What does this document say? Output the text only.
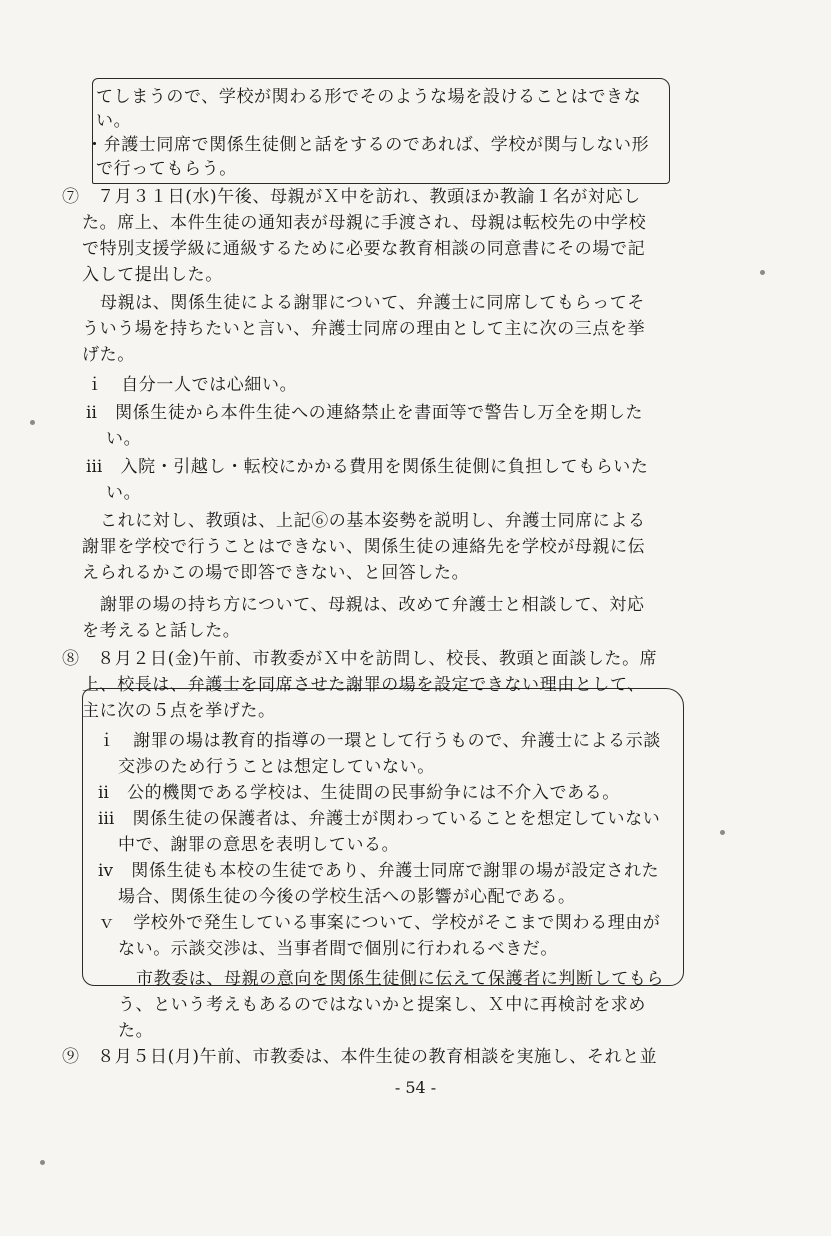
てしまうので、学校が関わる形でそのような場を設けることはできな
い。
・弁護士同席で関係生徒側と話をするのであれば、学校が関与しない形
で行ってもらう。
⑦　７月３１日(水)午後、母親がＸ中を訪れ、教頭ほか教諭１名が対応し
た。席上、本件生徒の通知表が母親に手渡され、母親は転校先の中学校
で特別支援学級に通級するために必要な教育相談の同意書にその場で記
入して提出した。
母親は、関係生徒による謝罪について、弁護士に同席してもらってそ
ういう場を持ちたいと言い、弁護士同席の理由として主に次の三点を挙
げた。
ｉ　自分一人では心細い。
ⅱ　関係生徒から本件生徒への連絡禁止を書面等で警告し万全を期した
い。
ⅲ　入院・引越し・転校にかかる費用を関係生徒側に負担してもらいた
い。
これに対し、教頭は、上記⑥の基本姿勢を説明し、弁護士同席による
謝罪を学校で行うことはできない、関係生徒の連絡先を学校が母親に伝
えられるかこの場で即答できない、と回答した。
謝罪の場の持ち方について、母親は、改めて弁護士と相談して、対応
を考えると話した。
⑧　８月２日(金)午前、市教委がＸ中を訪問し、校長、教頭と面談した。席
上、校長は、弁護士を同席させた謝罪の場を設定できない理由として、
主に次の５点を挙げた。
ｉ　謝罪の場は教育的指導の一環として行うもので、弁護士による示談
交渉のため行うことは想定していない。
ⅱ　公的機関である学校は、生徒間の民事紛争には不介入である。
ⅲ　関係生徒の保護者は、弁護士が関わっていることを想定していない
中で、謝罪の意思を表明している。
ⅳ　関係生徒も本校の生徒であり、弁護士同席で謝罪の場が設定された
場合、関係生徒の今後の学校生活への影響が心配である。
ｖ　学校外で発生している事案について、学校がそこまで関わる理由が
ない。示談交渉は、当事者間で個別に行われるべきだ。
市教委は、母親の意向を関係生徒側に伝えて保護者に判断してもら
う、という考えもあるのではないかと提案し、Ｘ中に再検討を求め
た。
⑨　８月５日(月)午前、市教委は、本件生徒の教育相談を実施し、それと並
- 54 -
